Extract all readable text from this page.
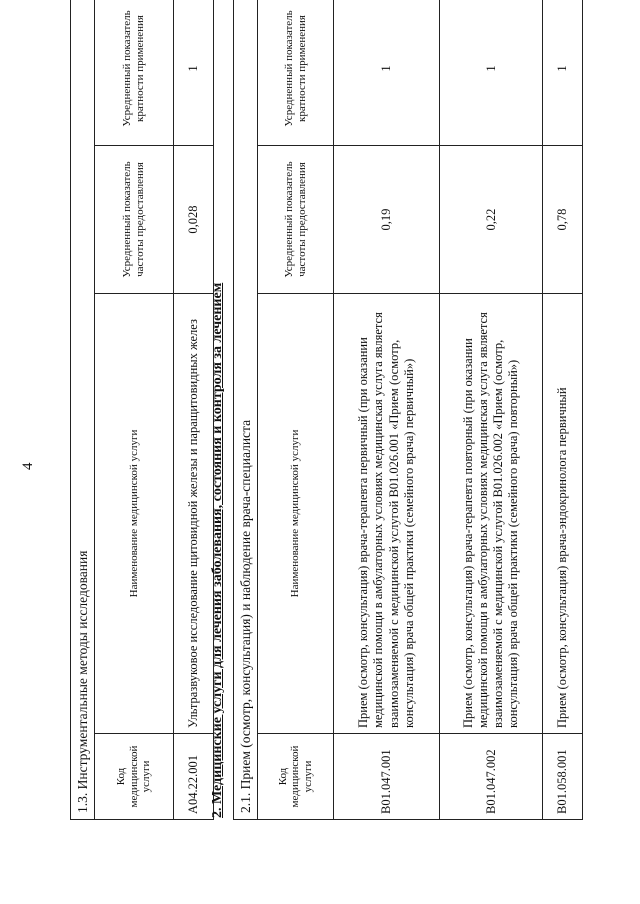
4
1.3. Инструментальные методы исследования			
Код медицинской услуги	Наименование медицинской услуги	Усредненный показатель частоты предоставления	Усредненный показатель кратности применения
A04.22.001	Ультразвуковое исследование щитовидной железы и паращитовидных желез	0,028	1
2. Медицинские услуги для лечения заболевания, состояния и контроля за лечением 2.1. Прием (осмотр, консультация) и наблюдение врача-специалиста			
Код медицинской услуги	Наименование медицинской услуги	Усредненный показатель частоты предоставления	Усредненный показатель кратности применения
B01.047.001	Прием (осмотр, консультация) врача-терапевта первичный (при оказании медицинской помощи в амбулаторных условиях медицинская услуга является взаимозаменяемой с медицинской услугой B01.026.001 «Прием (осмотр, консультация) врача общей практики (семейного врача) первичный»)	0,19	1
B01.047.002	Прием (осмотр, консультация) врача-терапевта повторный (при оказании медицинской помощи в амбулаторных условиях медицинская услуга является взаимозаменяемой с медицинской услугой B01.026.002 «Прием (осмотр, консультация) врача общей практики (семейного врача) повторный»)	0,22	1
B01.058.001	Прием (осмотр, консультация) врача-эндокринолога первичный	0,78	1
